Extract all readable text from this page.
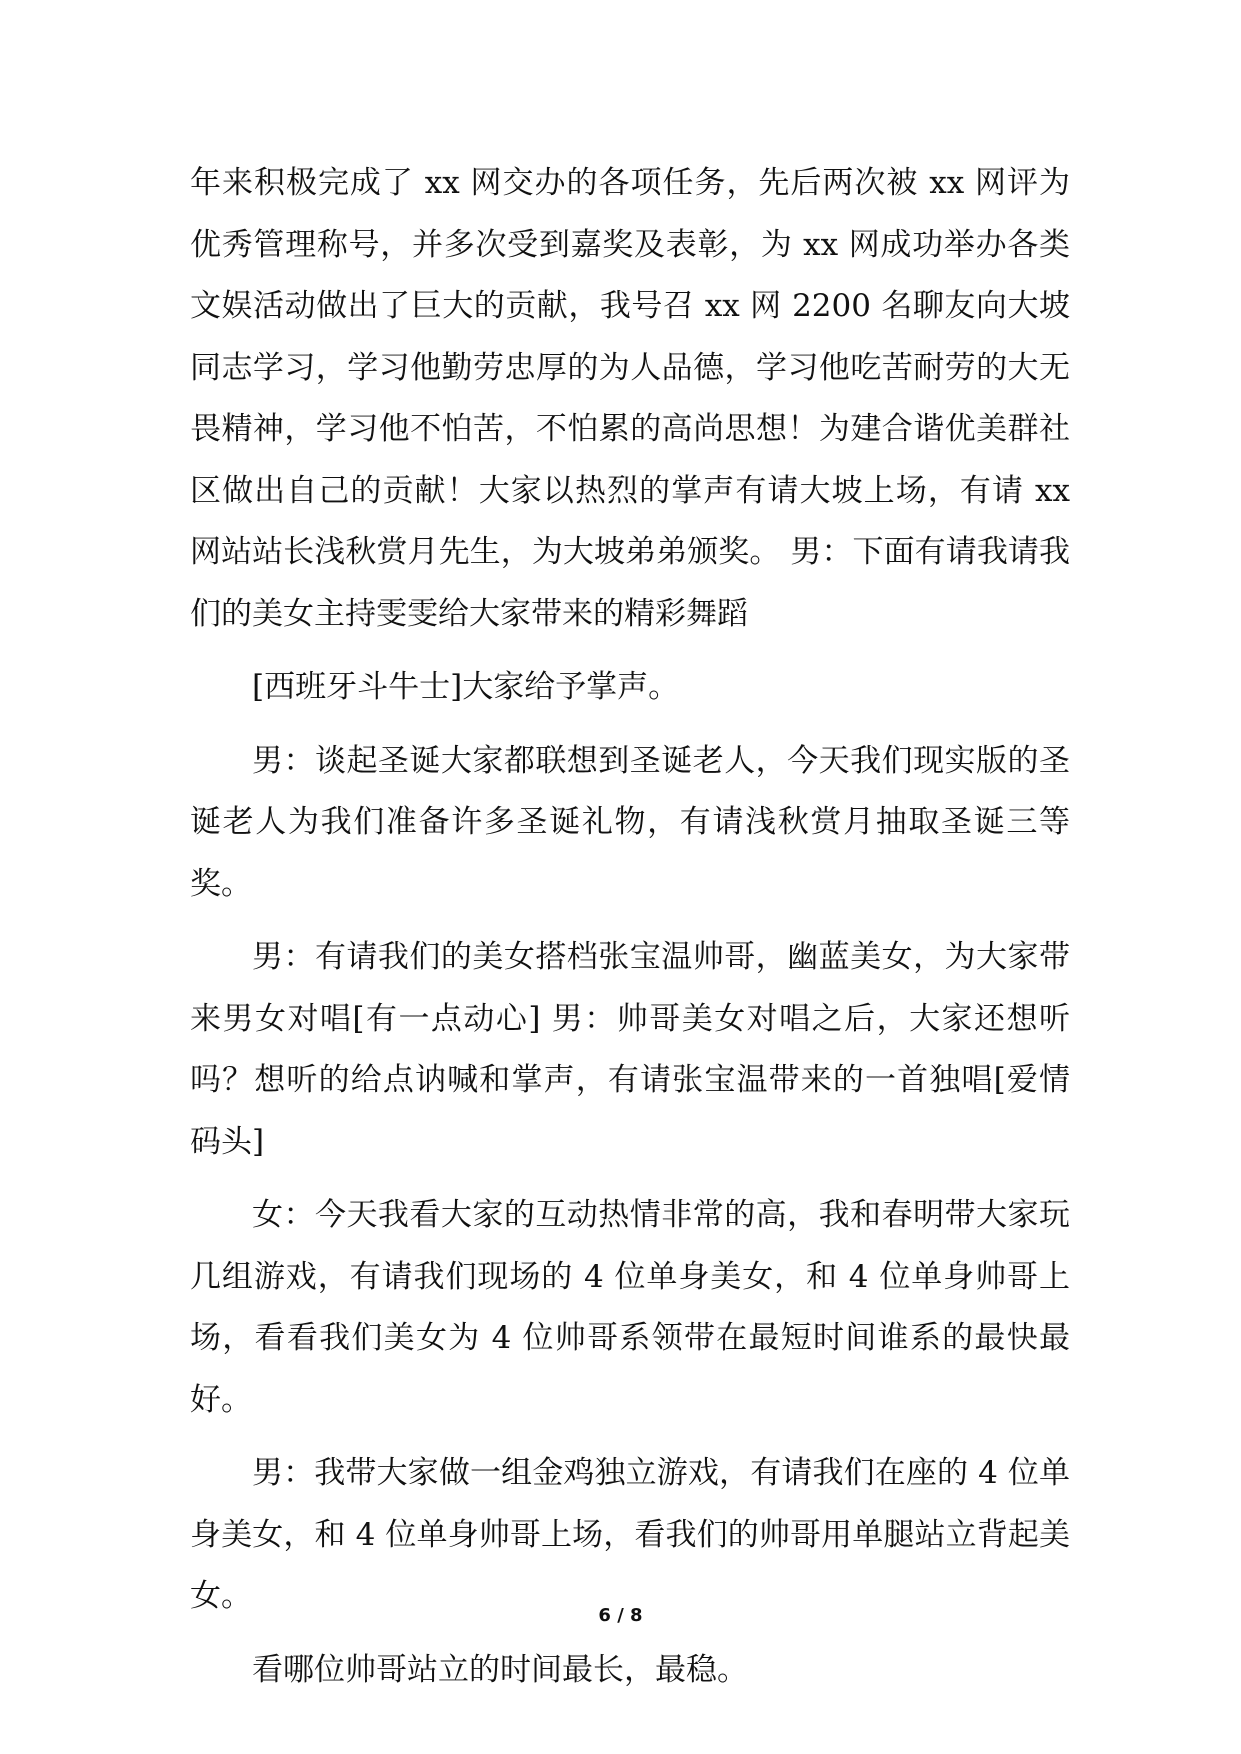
年来积极完成了 xx 网交办的各项任务，先后两次被 xx 网评为优秀管理称号，并多次受到嘉奖及表彰，为 xx 网成功举办各类文娱活动做出了巨大的贡献，我号召 xx 网 2200 名聊友向大坡同志学习，学习他勤劳忠厚的为人品德，学习他吃苦耐劳的大无畏精神，学习他不怕苦，不怕累的高尚思想！为建合谐优美群社区做出自己的贡献！大家以热烈的掌声有请大坡上场，有请 xx 网站站长浅秋赏月先生，为大坡弟弟颁奖。 男：下面有请我请我们的美女主持雯雯给大家带来的精彩舞蹈

[西班牙斗牛士]大家给予掌声。

男：谈起圣诞大家都联想到圣诞老人，今天我们现实版的圣诞老人为我们准备许多圣诞礼物，有请浅秋赏月抽取圣诞三等奖。

男：有请我们的美女搭档张宝温帅哥，幽蓝美女，为大家带来男女对唱[有一点动心] 男：帅哥美女对唱之后，大家还想听吗？想听的给点讷喊和掌声，有请张宝温带来的一首独唱[爱情码头]

女：今天我看大家的互动热情非常的高，我和春明带大家玩几组游戏，有请我们现场的 4 位单身美女，和 4 位单身帅哥上场，看看我们美女为 4 位帅哥系领带在最短时间谁系的最快最好。

男：我带大家做一组金鸡独立游戏，有请我们在座的 4 位单身美女，和 4 位单身帅哥上场，看我们的帅哥用单腿站立背起美女。

看哪位帅哥站立的时间最长，最稳。

6 / 8
